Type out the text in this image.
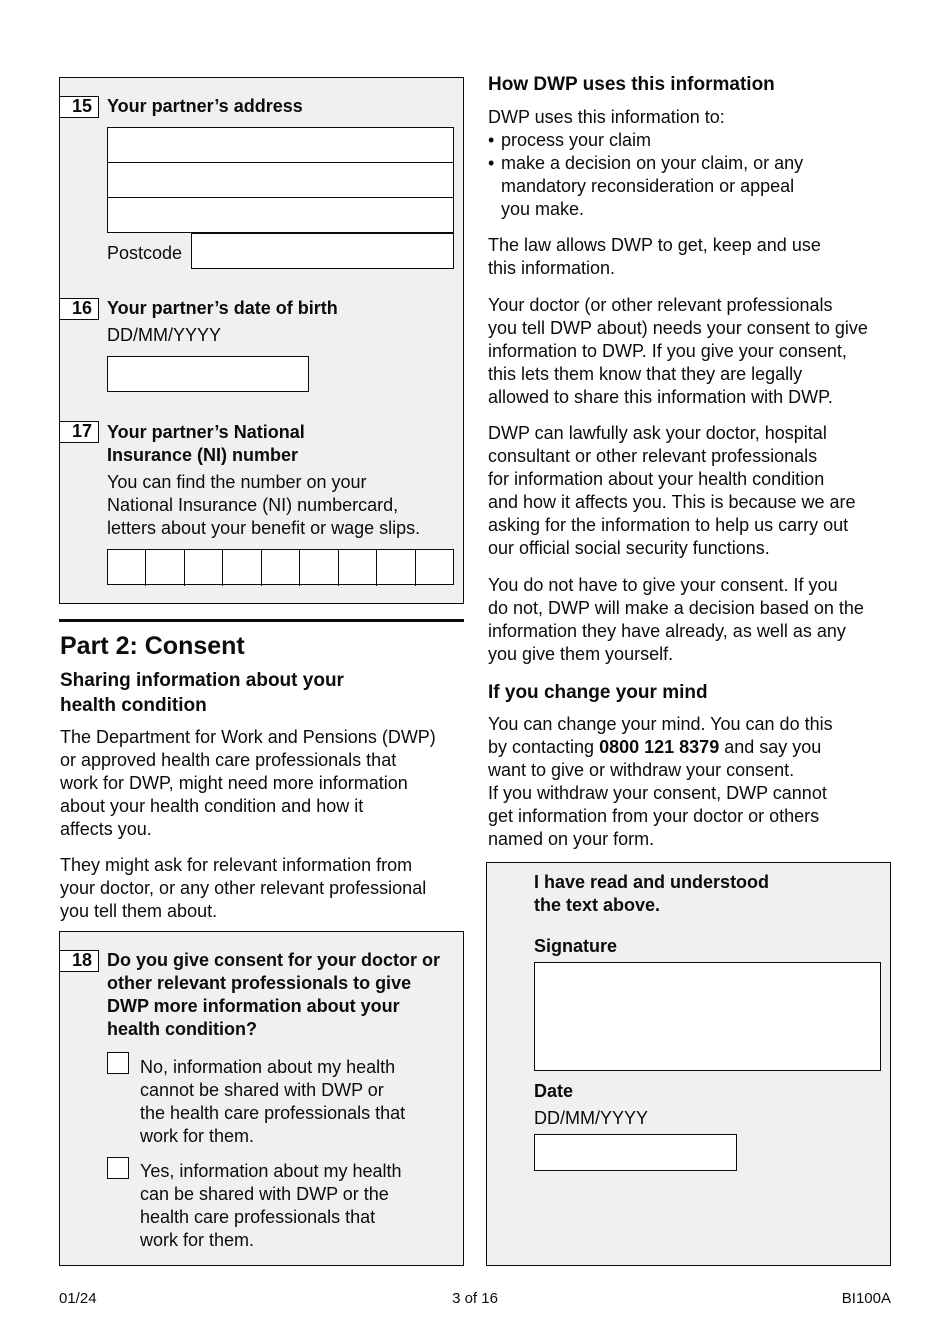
15 Your partner’s address
Postcode
16 Your partner’s date of birth
DD/MM/YYYY
17 Your partner’s National
Insurance (NI) number
You can find the number on your
National Insurance (NI) numbercard,
letters about your benefit or wage slips.
Part 2: Consent
Sharing information about your
health condition
The Department for Work and Pensions (DWP)
or approved health care professionals that
work for DWP, might need more information
about your health condition and how it
affects you.
They might ask for relevant information from
your doctor, or any other relevant professional
you tell them about.
18 Do you give consent for your doctor or
other relevant professionals to give
DWP more information about your
health condition?
No, information about my health
cannot be shared with DWP or
the health care professionals that
work for them.
Yes, information about my health
can be shared with DWP or the
health care professionals that
work for them.
How DWP uses this information
DWP uses this information to:
• process your claim
• make a decision on your claim, or any
mandatory reconsideration or appeal
you make.
The law allows DWP to get, keep and use
this information.
Your doctor (or other relevant professionals
you tell DWP about) needs your consent to give
information to DWP. If you give your consent,
this lets them know that they are legally
allowed to share this information with DWP.
DWP can lawfully ask your doctor, hospital
consultant or other relevant professionals
for information about your health condition
and how it affects you. This is because we are
asking for the information to help us carry out
our official social security functions.
You do not have to give your consent. If you
do not, DWP will make a decision based on the
information they have already, as well as any
you give them yourself.
If you change your mind
You can change your mind. You can do this
by contacting 0800 121 8379 and say you
want to give or withdraw your consent.
If you withdraw your consent, DWP cannot
get information from your doctor or others
named on your form.
I have read and understood
the text above.
Signature
Date
DD/MM/YYYY
01/24	3 of 16	BI100A
